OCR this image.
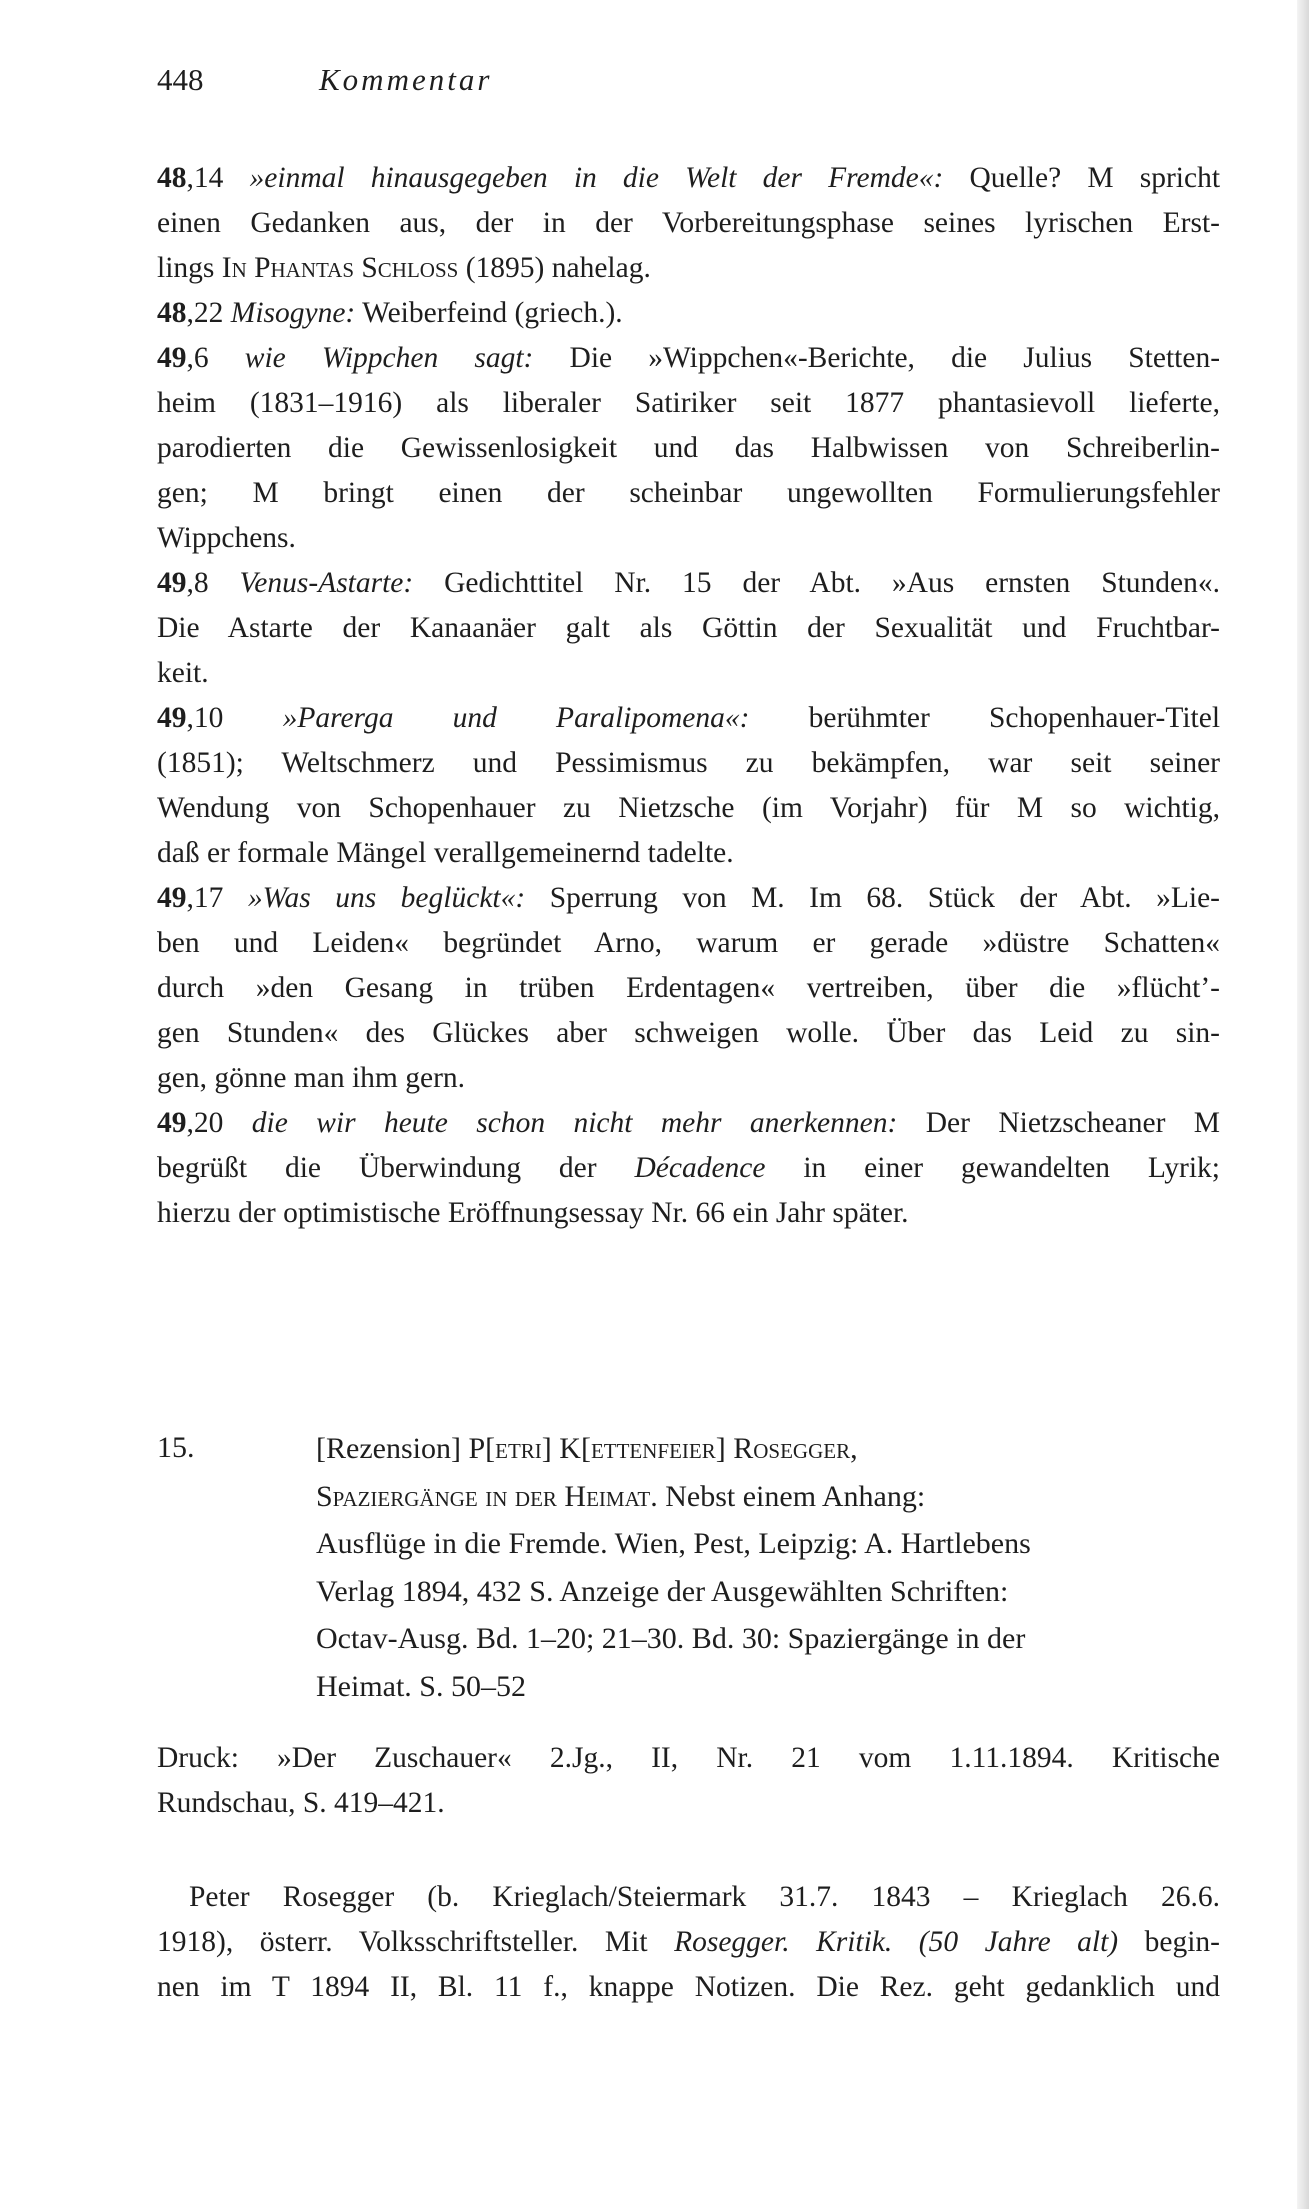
448	Kommentar
48,14 »einmal hinausgegeben in die Welt der Fremde«: Quelle? M spricht
einen Gedanken aus, der in der Vorbereitungsphase seines lyrischen Erst-
lings In Phantas Schloss (1895) nahelag.
48,22 Misogyne: Weiberfeind (griech.).
49,6 wie Wippchen sagt: Die »Wippchen«-Berichte, die Julius Stetten-
heim (1831–1916) als liberaler Satiriker seit 1877 phantasievoll lieferte,
parodierten die Gewissenlosigkeit und das Halbwissen von Schreiberlin-
gen; M bringt einen der scheinbar ungewollten Formulierungsfehler
Wippchens.
49,8 Venus-Astarte: Gedichttitel Nr. 15 der Abt. »Aus ernsten Stunden«.
Die Astarte der Kanaanäer galt als Göttin der Sexualität und Fruchtbar-
keit.
49,10 »Parerga und Paralipomena«: berühmter Schopenhauer-Titel
(1851); Weltschmerz und Pessimismus zu bekämpfen, war seit seiner
Wendung von Schopenhauer zu Nietzsche (im Vorjahr) für M so wichtig,
daß er formale Mängel verallgemeinernd tadelte.
49,17 »Was uns beglückt«: Sperrung von M. Im 68. Stück der Abt. »Lie-
ben und Leiden« begründet Arno, warum er gerade »düstre Schatten«
durch »den Gesang in trüben Erdentagen« vertreiben, über die »flücht’-
gen Stunden« des Glückes aber schweigen wolle. Über das Leid zu sin-
gen, gönne man ihm gern.
49,20 die wir heute schon nicht mehr anerkennen: Der Nietzscheaner M
begrüßt die Überwindung der Décadence in einer gewandelten Lyrik;
hierzu der optimistische Eröffnungsessay Nr. 66 ein Jahr später.
15.	[Rezension] P[etri] K[ettenfeier] Rosegger,
Spaziergänge in der Heimat. Nebst einem Anhang:
Ausflüge in die Fremde. Wien, Pest, Leipzig: A. Hartlebens
Verlag 1894, 432 S. Anzeige der Ausgewählten Schriften:
Octav-Ausg. Bd. 1–20; 21–30. Bd. 30: Spaziergänge in der
Heimat. S. 50–52
Druck: »Der Zuschauer« 2.Jg., II, Nr. 21 vom 1.11.1894. Kritische
Rundschau, S. 419–421.
Peter Rosegger (b. Krieglach/Steiermark 31.7. 1843 – Krieglach 26.6.
1918), österr. Volksschriftsteller. Mit Rosegger. Kritik. (50 Jahre alt) begin-
nen im T 1894 II, Bl. 11 f., knappe Notizen. Die Rez. geht gedanklich und
